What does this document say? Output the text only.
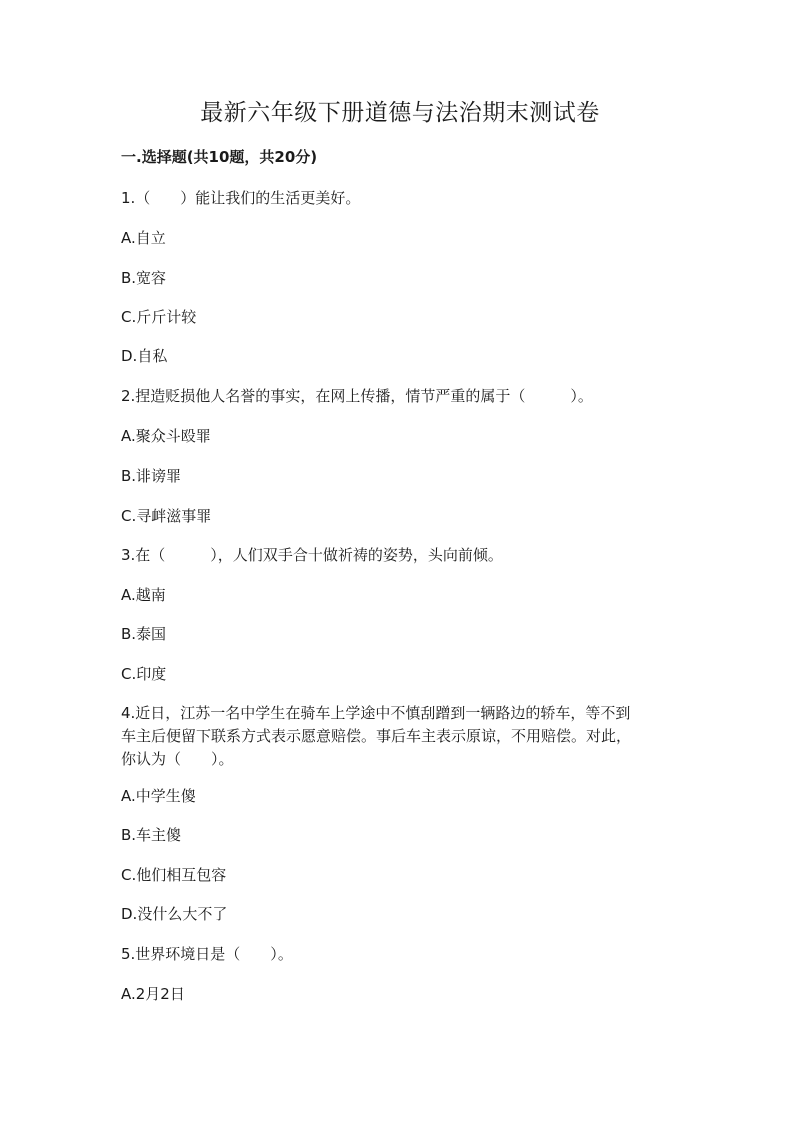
最新六年级下册道德与法治期末测试卷
一.选择题(共10题，共20分)
1.（　　）能让我们的生活更美好。
A.自立
B.宽容
C.斤斤计较
D.自私
2.捏造贬损他人名誉的事实，在网上传播，情节严重的属于（　　　）。
A.聚众斗殴罪
B.诽谤罪
C.寻衅滋事罪
3.在（　　　），人们双手合十做祈祷的姿势，头向前倾。
A.越南
B.泰国
C.印度
4.近日，江苏一名中学生在骑车上学途中不慎刮蹭到一辆路边的轿车，等不到
车主后便留下联系方式表示愿意赔偿。事后车主表示原谅，不用赔偿。对此，
你认为（　　）。
A.中学生傻
B.车主傻
C.他们相互包容
D.没什么大不了
5.世界环境日是（　　）。
A.2月2日
